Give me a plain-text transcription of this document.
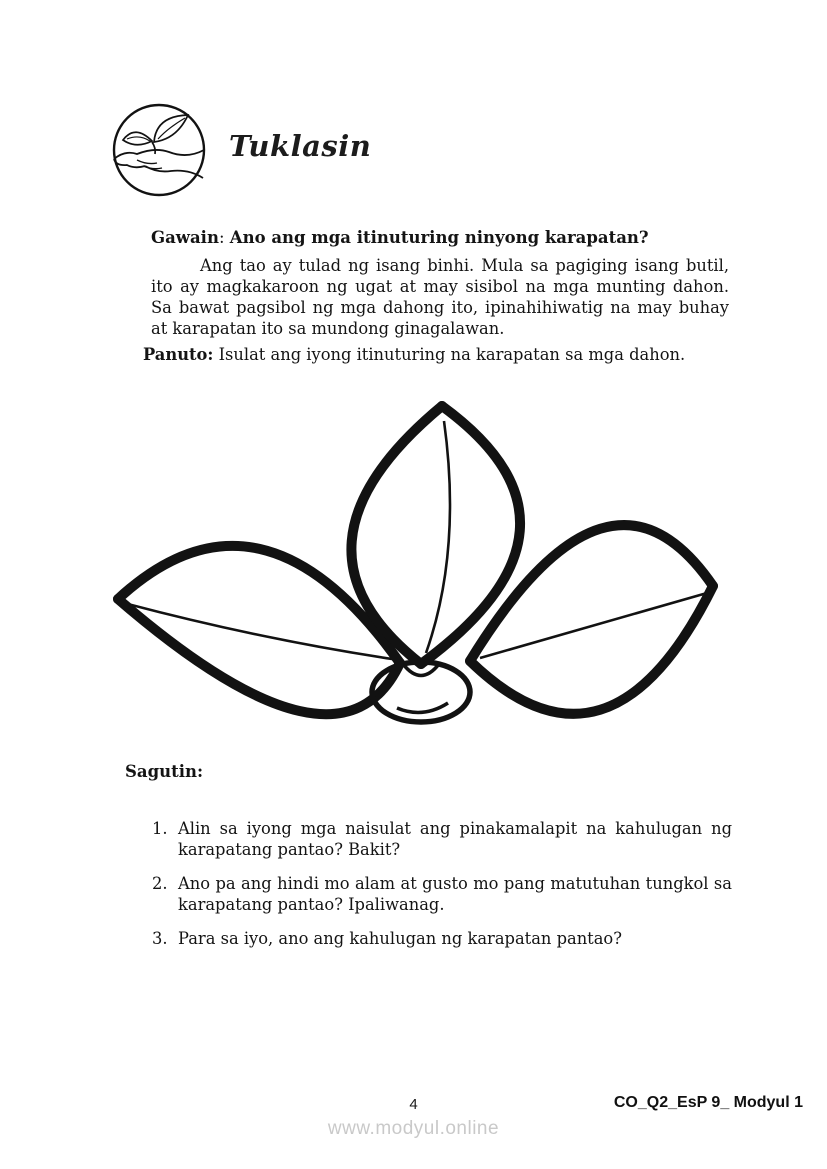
Tuklasin

Gawain: Ano ang mga itinuturing ninyong karapatan?

Ang tao ay tulad ng isang binhi. Mula sa pagiging isang butil, ito ay magkakaroon ng ugat at may sisibol na mga munting dahon. Sa bawat pagsibol ng mga dahong ito, ipinahihiwatig na may buhay at karapatan ito sa mundong ginagalawan.

Panuto: Isulat ang iyong itinuturing na karapatan sa mga dahon.

Sagutin:

1. Alin sa iyong mga naisulat ang pinakamalapit na kahulugan ng karapatang pantao? Bakit?
2. Ano pa ang hindi mo alam at gusto mo pang matutuhan tungkol sa karapatang pantao? Ipaliwanag.
3. Para sa iyo, ano ang kahulugan ng karapatan pantao?
4	CO_Q2_EsP 9_ Modyul 1
www.modyul.online
